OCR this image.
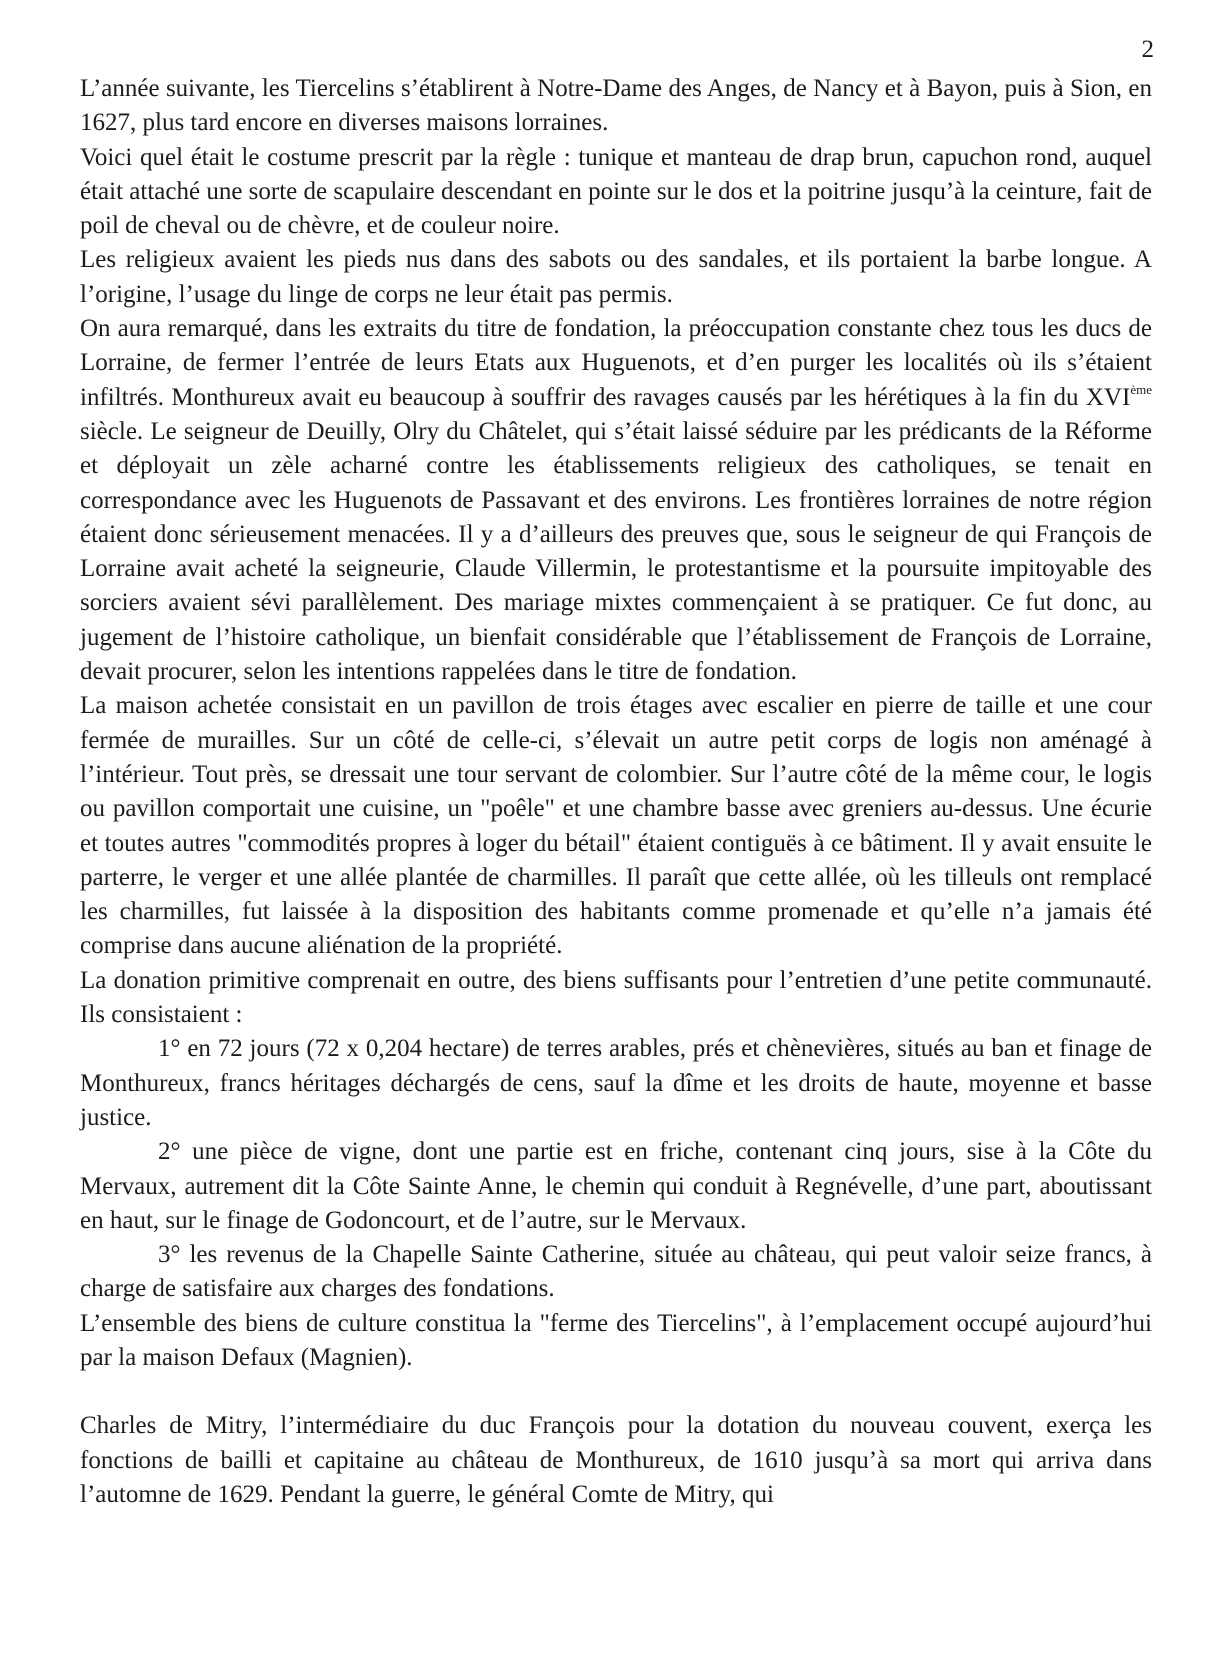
2

L’année suivante, les Tiercelins s’établirent à Notre-Dame des Anges, de Nancy et à Bayon, puis à Sion, en 1627, plus tard encore en diverses maisons lorraines.

Voici quel était le costume prescrit par la règle : tunique et manteau de drap brun, capuchon rond, auquel était attaché une sorte de scapulaire descendant en pointe sur le dos et la poitrine jusqu’à la ceinture, fait de poil de cheval ou de chèvre, et de couleur noire.

Les religieux avaient les pieds nus dans des sabots ou des sandales, et ils portaient la barbe longue. A l’origine, l’usage du linge de corps ne leur était pas permis.

On aura remarqué, dans les extraits du titre de fondation, la préoccupation constante chez tous les ducs de Lorraine, de fermer l’entrée de leurs Etats aux Huguenots, et d’en purger les localités où ils s’étaient infiltrés. Monthureux avait eu beaucoup à souffrir des ravages causés par les hérétiques à la fin du XVIème siècle. Le seigneur de Deuilly, Olry du Châtelet, qui s’était laissé séduire par les prédicants de la Réforme et déployait un zèle acharné contre les établissements religieux des catholiques, se tenait en correspondance avec les Huguenots de Passavant et des environs. Les frontières lorraines de notre région étaient donc sérieusement menacées. Il y a d’ailleurs des preuves que, sous le seigneur de qui François de Lorraine avait acheté la seigneurie, Claude Villermin, le protestantisme et la poursuite impitoyable des sorciers avaient sévi parallèlement. Des mariage mixtes commençaient à se pratiquer. Ce fut donc, au jugement de l’histoire catholique, un bienfait considérable que l’établissement de François de Lorraine, devait procurer, selon les intentions rappelées dans le titre de fondation.

La maison achetée consistait en un pavillon de trois étages avec escalier en pierre de taille et une cour fermée de murailles. Sur un côté de celle-ci, s’élevait un autre petit corps de logis non aménagé à l’intérieur. Tout près, se dressait une tour servant de colombier. Sur l’autre côté de la même cour, le logis ou pavillon comportait une cuisine, un "poêle" et une chambre basse avec greniers au-dessus. Une écurie et toutes autres "commodités propres à loger du bétail" étaient contiguës à ce bâtiment. Il y avait ensuite le parterre, le verger et une allée plantée de charmilles. Il paraît que cette allée, où les tilleuls ont remplacé les charmilles, fut laissée à la disposition des habitants comme promenade et qu’elle n’a jamais été comprise dans aucune aliénation de la propriété.

La donation primitive comprenait en outre, des biens suffisants pour l’entretien d’une petite communauté. Ils consistaient :

1° en 72 jours (72 x 0,204 hectare) de terres arables, prés et chènevières, situés au ban et finage de Monthureux, francs héritages déchargés de cens, sauf la dîme et les droits de haute, moyenne et basse justice.

2° une pièce de vigne, dont une partie est en friche, contenant cinq jours, sise à la Côte du Mervaux, autrement dit la Côte Sainte Anne, le chemin qui conduit à Regnévelle, d’une part, aboutissant en haut, sur le finage de Godoncourt, et de l’autre, sur le Mervaux.

3° les revenus de la Chapelle Sainte Catherine, située au château, qui peut valoir seize francs, à charge de satisfaire aux charges des fondations.

L’ensemble des biens de culture constitua la "ferme des Tiercelins", à l’emplacement occupé aujourd’hui par la maison Defaux (Magnien).

Charles de Mitry, l’intermédiaire du duc François pour la dotation du nouveau couvent, exerça les fonctions de bailli et capitaine au château de Monthureux, de 1610 jusqu’à sa mort qui arriva dans l’automne de 1629. Pendant la guerre, le général Comte de Mitry, qui
